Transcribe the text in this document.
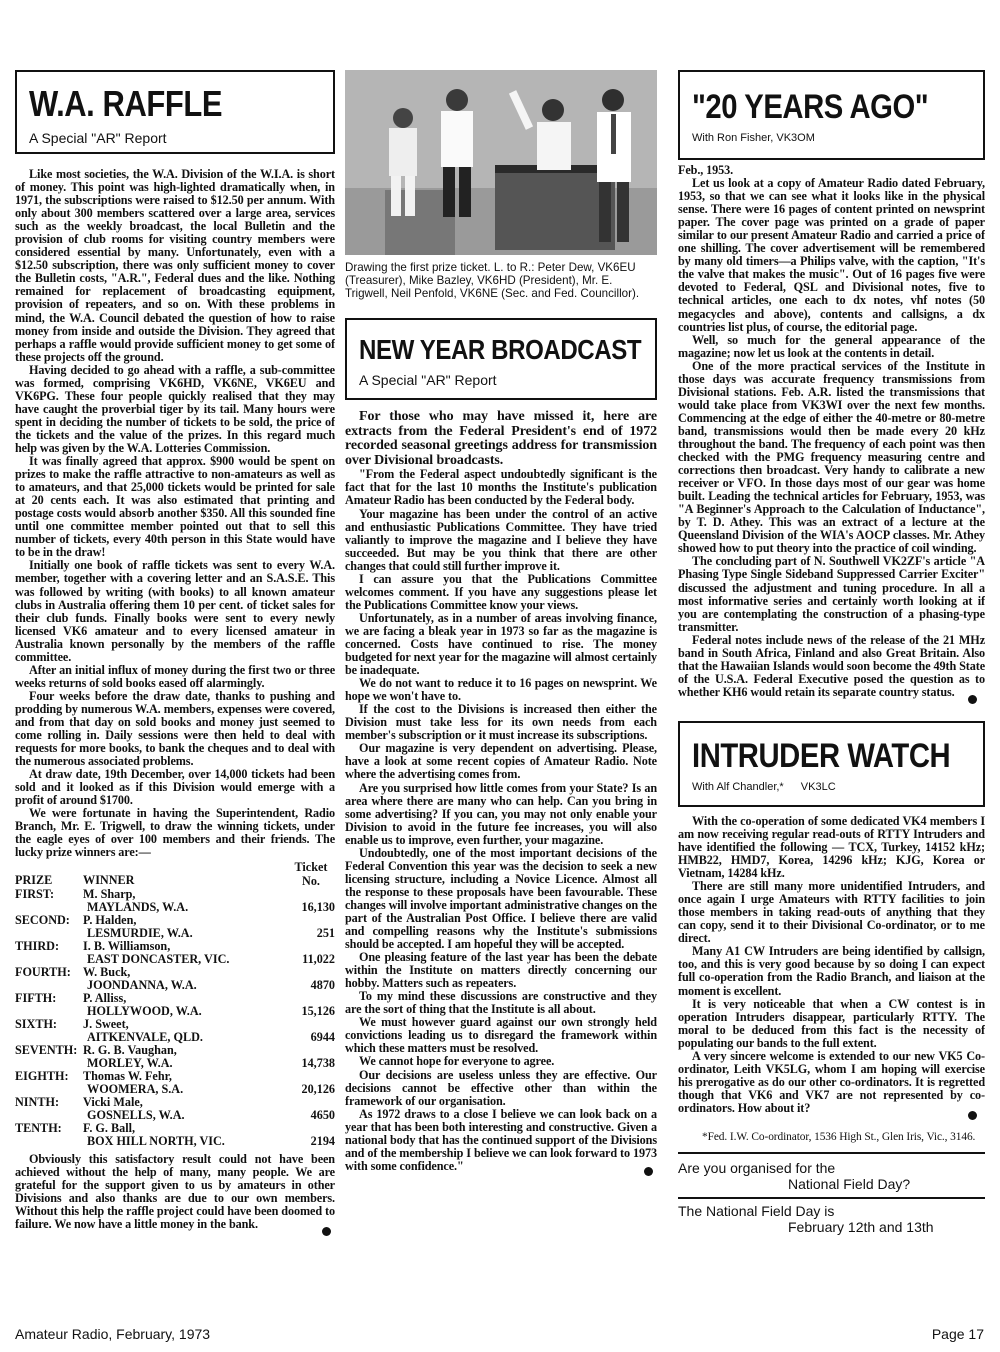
W.A. RAFFLE
A Special "AR" Report

Like most societies, the W.A. Division of the W.I.A. is short of money. This point was high-lighted dramatically when, in 1971, the subscriptions were raised to $12.50 per annum. With only about 300 members scattered over a large area, services such as the weekly broadcast, the local Bulletin and the provision of club rooms for visiting country members were considered essential by many. Unfortunately, even with a $12.50 subscription, there was only sufficient money to cover the Bulletin costs, "A.R.", Federal dues and the like. Nothing remained for replacement of broadcasting equipment, provision of repeaters, and so on. With these problems in mind, the W.A. Council debated the question of how to raise money from inside and outside the Division. They agreed that perhaps a raffle would provide sufficient money to get some of these projects off the ground.

Having decided to go ahead with a raffle, a sub-committee was formed, comprising VK6HD, VK6NE, VK6EU and VK6PG. These four people quickly realised that they may have caught the proverbial tiger by its tail. Many hours were spent in deciding the number of tickets to be sold, the price of the tickets and the value of the prizes. In this regard much help was given by the W.A. Lotteries Commission.

It was finally agreed that approx. $900 would be spent on prizes to make the raffle attractive to non-amateurs as well as to amateurs, and that 25,000 tickets would be printed for sale at 20 cents each. It was also estimated that printing and postage costs would absorb another $350. All this sounded fine until one committee member pointed out that to sell this number of tickets, every 40th person in this State would have to be in the draw!

Initially one book of raffle tickets was sent to every W.A. member, together with a covering letter and an S.A.S.E. This was followed by writing (with books) to all known amateur clubs in Australia offering them 10 per cent. of ticket sales for their club funds. Finally books were sent to every newly licensed VK6 amateur and to every licensed amateur in Australia known personally by the members of the raffle committee.

After an initial influx of money during the first two or three weeks returns of sold books eased off alarmingly.

Four weeks before the draw date, thanks to pushing and prodding by numerous W.A. members, expenses were covered, and from that day on sold books and money just seemed to come rolling in. Daily sessions were then held to deal with requests for more books, to bank the cheques and to deal with the numerous associated problems.

At draw date, 19th December, over 14,000 tickets had been sold and it looked as if this Division would emerge with a profit of around $1700.

We were fortunate in having the Superintendent, Radio Branch, Mr. E. Trigwell, to draw the winning tickets, under the eagle eyes of over 100 members and their friends. The lucky prize winners are:—

PRIZE	WINNER	Ticket No.
FIRST:	M. Sharp,
MAYLANDS, W.A.	16,130
SECOND:	P. Halden,
LESMURDIE, W.A.	251
THIRD:	I. B. Williamson,
EAST DONCASTER, VIC.	11,022
FOURTH:	W. Buck,
JOONDANNA, W.A.	4870
FIFTH:	P. Alliss,
HOLLYWOOD, W.A.	15,126
SIXTH:	J. Sweet,
AITKENVALE, QLD.	6944
SEVENTH:	R. G. B. Vaughan,
MORLEY, W.A.	14,738
EIGHTH:	Thomas W. Fehr,
WOOMERA, S.A.	20,126
NINTH:	Vicki Male,
GOSNELLS, W.A.	4650
TENTH:	F. G. Ball,
BOX HILL NORTH, VIC.	2194

Obviously this satisfactory result could not have been achieved without the help of many, many people. We are grateful for the support given to us by amateurs in other Divisions and also thanks are due to our own members. Without this help the raffle project could have been doomed to failure. We now have a little money in the bank.

Drawing the first prize ticket. L. to R.: Peter Dew, VK6EU (Treasurer), Mike Bazley, VK6HD (President), Mr. E. Trigwell, Neil Penfold, VK6NE (Sec. and Fed. Councillor).
NEW YEAR BROADCAST
A Special "AR" Report

For those who may have missed it, here are extracts from the Federal President's end of 1972 recorded seasonal greetings address for transmission over Divisional broadcasts.

"From the Federal aspect undoubtedly significant is the fact that for the last 10 months the Institute's publication Amateur Radio has been conducted by the Federal body.

Your magazine has been under the control of an active and enthusiastic Publications Committee. They have tried valiantly to improve the magazine and I believe they have succeeded. But may be you think that there are other changes that could still further improve it.

I can assure you that the Publications Committee welcomes comment. If you have any suggestions please let the Publications Committee know your views.

Unfortunately, as in a number of areas involving finance, we are facing a bleak year in 1973 so far as the magazine is concerned. Costs have continued to rise. The money budgeted for next year for the magazine will almost certainly be inadequate.

We do not want to reduce it to 16 pages on newsprint. We hope we won't have to.

If the cost to the Divisions is increased then either the Division must take less for its own needs from each member's subscription or it must increase its subscriptions.

Our magazine is very dependent on advertising. Please, have a look at some recent copies of Amateur Radio. Note where the advertising comes from.

Are you surprised how little comes from your State? Is an area where there are many who can help. Can you bring in some advertising? If you can, you may not only enable your Division to avoid in the future fee increases, you will also enable us to improve, even further, your magazine.

Undoubtedly, one of the most important decisions of the Federal Convention this year was the decision to seek a new licensing structure, including a Novice Licence. Almost all the response to these proposals have been favourable. These changes will involve important administrative changes on the part of the Australian Post Office. I believe there are valid and compelling reasons why the Institute's submissions should be accepted. I am hopeful they will be accepted.

One pleasing feature of the last year has been the debate within the Institute on matters directly concerning our hobby. Matters such as repeaters.

To my mind these discussions are constructive and they are the sort of thing that the Institute is all about.

We must however guard against our own strongly held convictions leading us to disregard the framework within which these matters must be resolved.

We cannot hope for everyone to agree.

Our decisions are useless unless they are effective. Our decisions cannot be effective other than within the framework of our organisation.

As 1972 draws to a close I believe we can look back on a year that has been both interesting and constructive. Given a national body that has the continued support of the Divisions and of the membership I believe we can look forward to 1973 with some confidence."

"20 YEARS AGO"
With Ron Fisher, VK3OM

Feb., 1953.

Let us look at a copy of Amateur Radio dated February, 1953, so that we can see what it looks like in the physical sense. There were 16 pages of content printed on newsprint paper. The cover page was printed on a grade of paper similar to our present Amateur Radio and carried a price of one shilling. The cover advertisement will be remembered by many old timers—a Philips valve, with the caption, "It's the valve that makes the music". Out of 16 pages five were devoted to Federal, QSL and Divisional notes, five to technical articles, one each to dx notes, vhf notes (50 megacycles and above), contents and callsigns, a dx countries list plus, of course, the editorial page.

Well, so much for the general appearance of the magazine; now let us look at the contents in detail.

One of the more practical services of the Institute in those days was accurate frequency transmissions from Divisional stations. Feb. A.R. listed the transmissions that would take place from VK3WI over the next few months. Commencing at the edge of either the 40-metre or 80-metre band, transmissions would then be made every 20 kHz throughout the band. The frequency of each point was then checked with the PMG frequency measuring centre and corrections then broadcast. Very handy to calibrate a new receiver or VFO. In those days most of our gear was home built. Leading the technical articles for February, 1953, was "A Beginner's Approach to the Calculation of Inductance", by T. D. Athey. This was an extract of a lecture at the Queensland Division of the WIA's AOCP classes. Mr. Athey showed how to put theory into the practice of coil winding.

The concluding part of N. Southwell VK2ZF's article "A Phasing Type Single Sideband Suppressed Carrier Exciter" discussed the adjustment and tuning procedure. In all a most informative series and certainly worth looking at if you are contemplating the construction of a phasing-type transmitter.

Federal notes include news of the release of the 21 MHz band in South Africa, Finland and also Great Britain. Also that the Hawaiian Islands would soon become the 49th State of the U.S.A. Federal Executive posed the question as to whether KH6 would retain its separate country status.

INTRUDER WATCH
With Alf Chandler,* VK3LC

With the co-operation of some dedicated VK4 members I am now receiving regular read-outs of RTTY Intruders and have identified the following — TCX, Turkey, 14152 kHz; HMB22, HMD7, Korea, 14296 kHz; KJG, Korea or Vietnam, 14284 kHz.

There are still many more unidentified Intruders, and once again I urge Amateurs with RTTY facilities to join those members in taking read-outs of anything that they can copy, send it to their Divisional Co-ordinator, or to me direct.

Many A1 CW Intruders are being identified by callsign, too, and this is very good because by so doing I can expect full co-operation from the Radio Branch, and liaison at the moment is excellent.

It is very noticeable that when a CW contest is in operation Intruders disappear, particularly RTTY. The moral to be deduced from this fact is the necessity of populating our bands to the full extent.

A very sincere welcome is extended to our new VK5 Co-ordinator, Leith VK5LG, whom I am hoping will exercise his prerogative as do our other co-ordinators. It is regretted though that VK6 and VK7 are not represented by co-ordinators. How about it?

*Fed. I.W. Co-ordinator, 1536 High St., Glen Iris, Vic., 3146.
Are you organised for the
National Field Day?
The National Field Day is
February 12th and 13th
Amateur Radio, February, 1973	Page 17
